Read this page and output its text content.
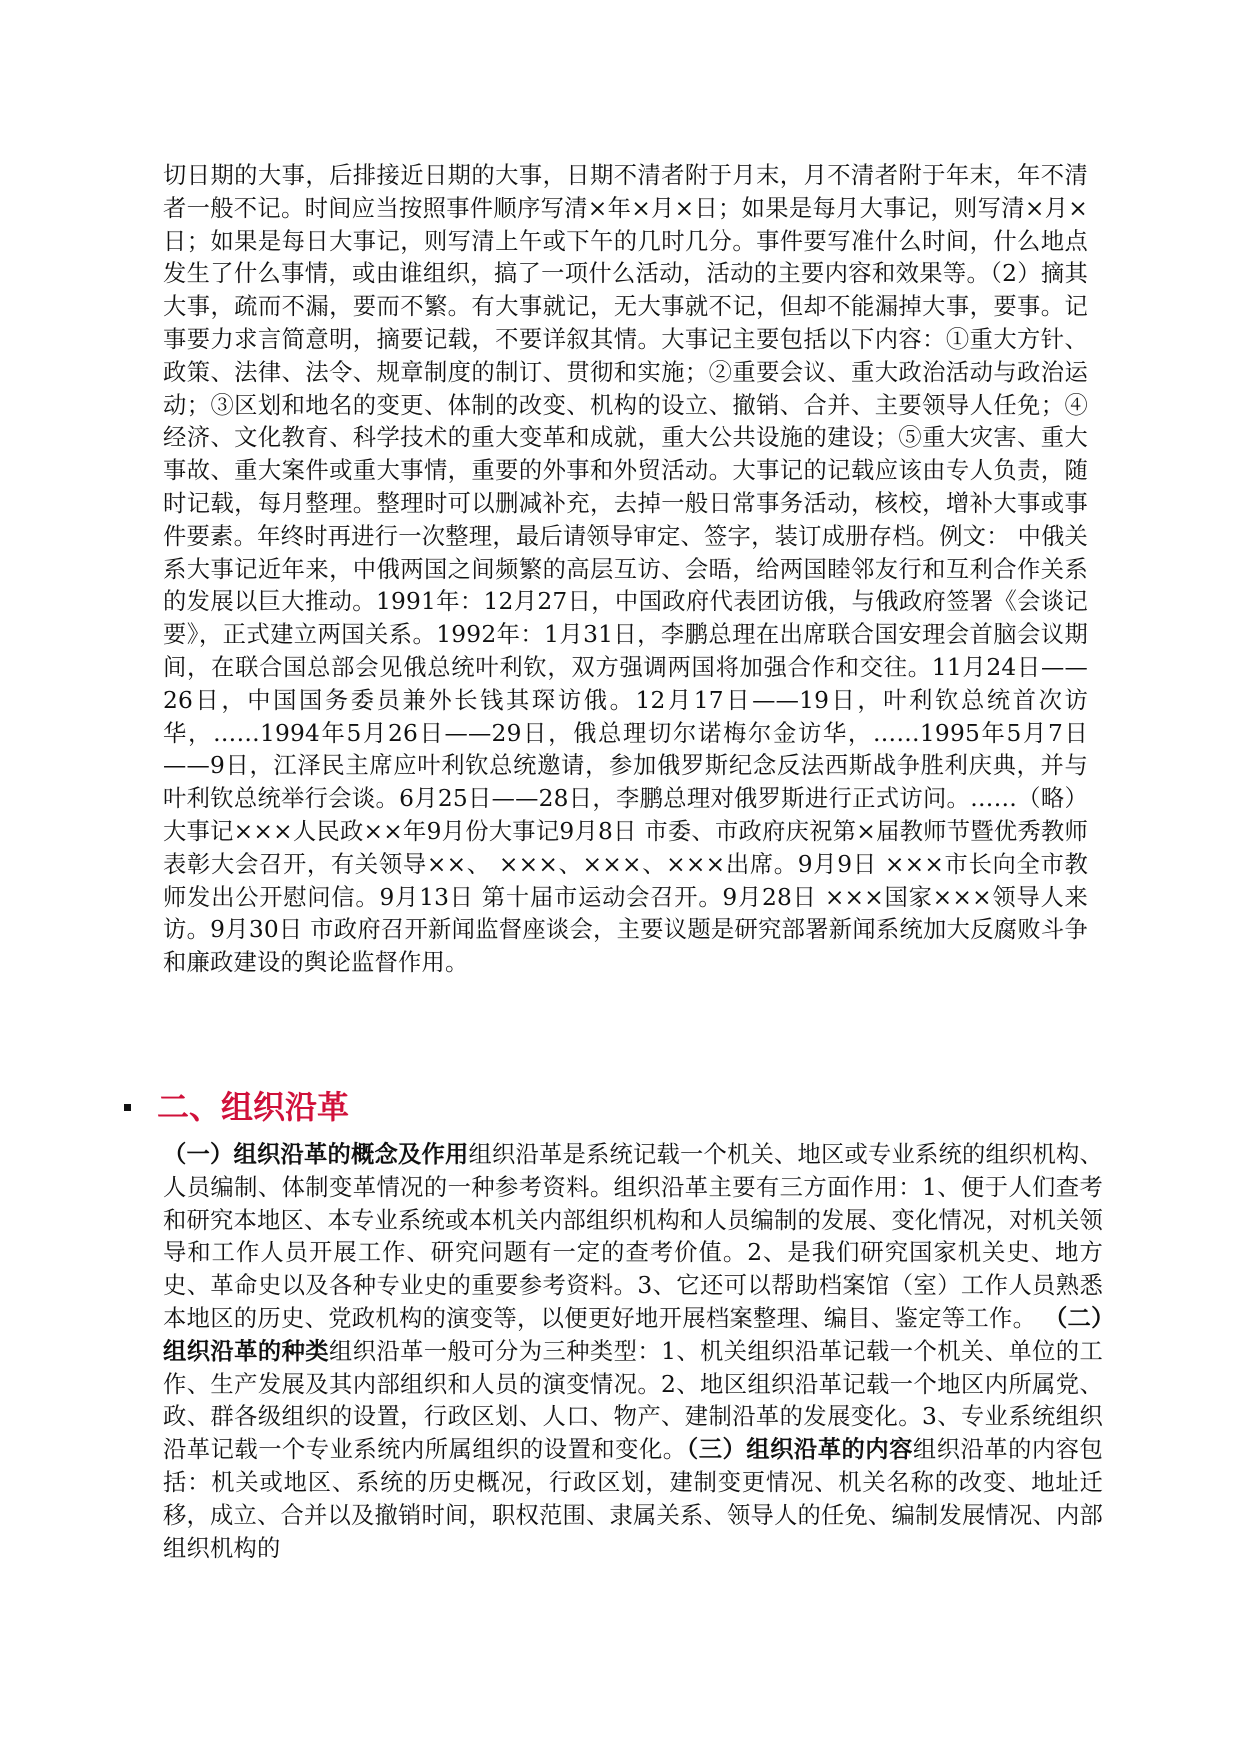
切日期的大事，后排接近日期的大事，日期不清者附于月末，月不清者附于年末，年不清者一般不记。时间应当按照事件顺序写清×年×月×日；如果是每月大事记，则写清×月×日；如果是每日大事记，则写清上午或下午的几时几分。事件要写准什么时间，什么地点发生了什么事情，或由谁组织，搞了一项什么活动，活动的主要内容和效果等。（2）摘其大事，疏而不漏，要而不繁。有大事就记，无大事就不记，但却不能漏掉大事，要事。记事要力求言简意明，摘要记载，不要详叙其情。大事记主要包括以下内容：①重大方针、政策、法律、法令、规章制度的制订、贯彻和实施；②重要会议、重大政治活动与政治运动；③区划和地名的变更、体制的改变、机构的设立、撤销、合并、主要领导人任免；④经济、文化教育、科学技术的重大变革和成就，重大公共设施的建设；⑤重大灾害、重大事故、重大案件或重大事情，重要的外事和外贸活动。大事记的记载应该由专人负责，随时记载，每月整理。整理时可以删减补充，去掉一般日常事务活动，核校，增补大事或事件要素。年终时再进行一次整理，最后请领导审定、签字，装订成册存档。例文： 中俄关系大事记近年来，中俄两国之间频繁的高层互访、会晤，给两国睦邻友行和互利合作关系的发展以巨大推动。1991年：12月27日，中国政府代表团访俄，与俄政府签署《会谈记要》，正式建立两国关系。1992年：1月31日，李鹏总理在出席联合国安理会首脑会议期间，在联合国总部会见俄总统叶利钦，双方强调两国将加强合作和交往。11月24日——26日，中国国务委员兼外长钱其琛访俄。12月17日——19日，叶利钦总统首次访华，……1994年5月26日——29日，俄总理切尔诺梅尔金访华，……1995年5月7日——9日，江泽民主席应叶利钦总统邀请，参加俄罗斯纪念反法西斯战争胜利庆典，并与叶利钦总统举行会谈。6月25日——28日，李鹏总理对俄罗斯进行正式访问。……（略）大事记×××人民政××年9月份大事记9月8日 市委、市政府庆祝第×届教师节暨优秀教师表彰大会召开，有关领导××、 ×××、×××、×××出席。9月9日 ×××市长向全市教师发出公开慰问信。9月13日 第十届市运动会召开。9月28日 ×××国家×××领导人来访。9月30日 市政府召开新闻监督座谈会，主要议题是研究部署新闻系统加大反腐败斗争和廉政建设的舆论监督作用。

二、组织沿革

（一）组织沿革的概念及作用组织沿革是系统记载一个机关、地区或专业系统的组织机构、人员编制、体制变革情况的一种参考资料。组织沿革主要有三方面作用：1、便于人们查考和研究本地区、本专业系统或本机关内部组织机构和人员编制的发展、变化情况，对机关领导和工作人员开展工作、研究问题有一定的查考价值。2、是我们研究国家机关史、地方史、革命史以及各种专业史的重要参考资料。3、它还可以帮助档案馆（室）工作人员熟悉本地区的历史、党政机构的演变等，以便更好地开展档案整理、编目、鉴定等工作。 （二）组织沿革的种类组织沿革一般可分为三种类型：1、机关组织沿革记载一个机关、单位的工作、生产发展及其内部组织和人员的演变情况。2、地区组织沿革记载一个地区内所属党、政、群各级组织的设置，行政区划、人口、物产、建制沿革的发展变化。3、专业系统组织沿革记载一个专业系统内所属组织的设置和变化。（三）组织沿革的内容组织沿革的内容包括：机关或地区、系统的历史概况，行政区划，建制变更情况、机关名称的改变、地址迁移，成立、合并以及撤销时间，职权范围、隶属关系、领导人的任免、编制发展情况、内部组织机构的
